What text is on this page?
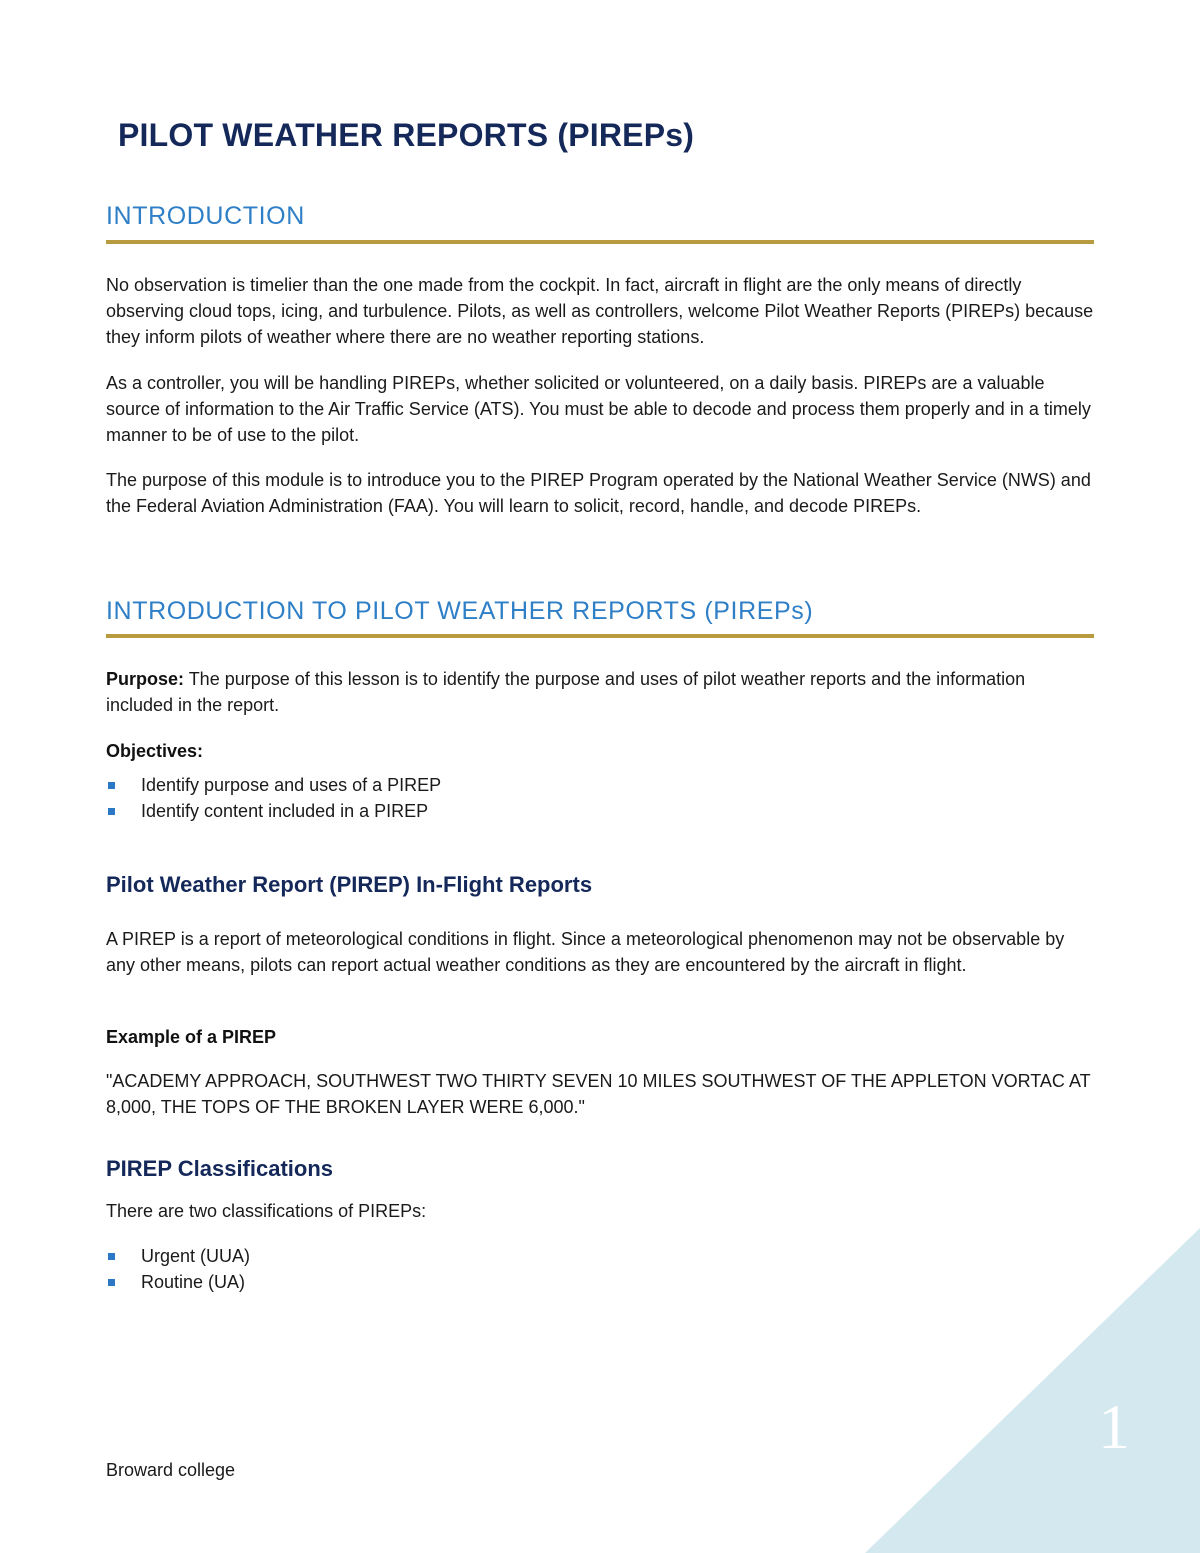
PILOT WEATHER REPORTS (PIREPs)
INTRODUCTION

No observation is timelier than the one made from the cockpit. In fact, aircraft in flight are the only means of directly observing cloud tops, icing, and turbulence. Pilots, as well as controllers, welcome Pilot Weather Reports (PIREPs) because they inform pilots of weather where there are no weather reporting stations.

As a controller, you will be handling PIREPs, whether solicited or volunteered, on a daily basis. PIREPs are a valuable source of information to the Air Traffic Service (ATS). You must be able to decode and process them properly and in a timely manner to be of use to the pilot.

The purpose of this module is to introduce you to the PIREP Program operated by the National Weather Service (NWS) and the Federal Aviation Administration (FAA). You will learn to solicit, record, handle, and decode PIREPs.

INTRODUCTION TO PILOT WEATHER REPORTS (PIREPs)

Purpose: The purpose of this lesson is to identify the purpose and uses of pilot weather reports and the information included in the report.

Objectives:

Identify purpose and uses of a PIREP
Identify content included in a PIREP
Pilot Weather Report (PIREP) In-Flight Reports

A PIREP is a report of meteorological conditions in flight. Since a meteorological phenomenon may not be observable by any other means, pilots can report actual weather conditions as they are encountered by the aircraft in flight.

Example of a PIREP

"ACADEMY APPROACH, SOUTHWEST TWO THIRTY SEVEN 10 MILES SOUTHWEST OF THE APPLETON VORTAC AT 8,000, THE TOPS OF THE BROKEN LAYER WERE 6,000."

PIREP Classifications

There are two classifications of PIREPs:

Urgent (UUA)
Routine (UA)
1
Broward college
